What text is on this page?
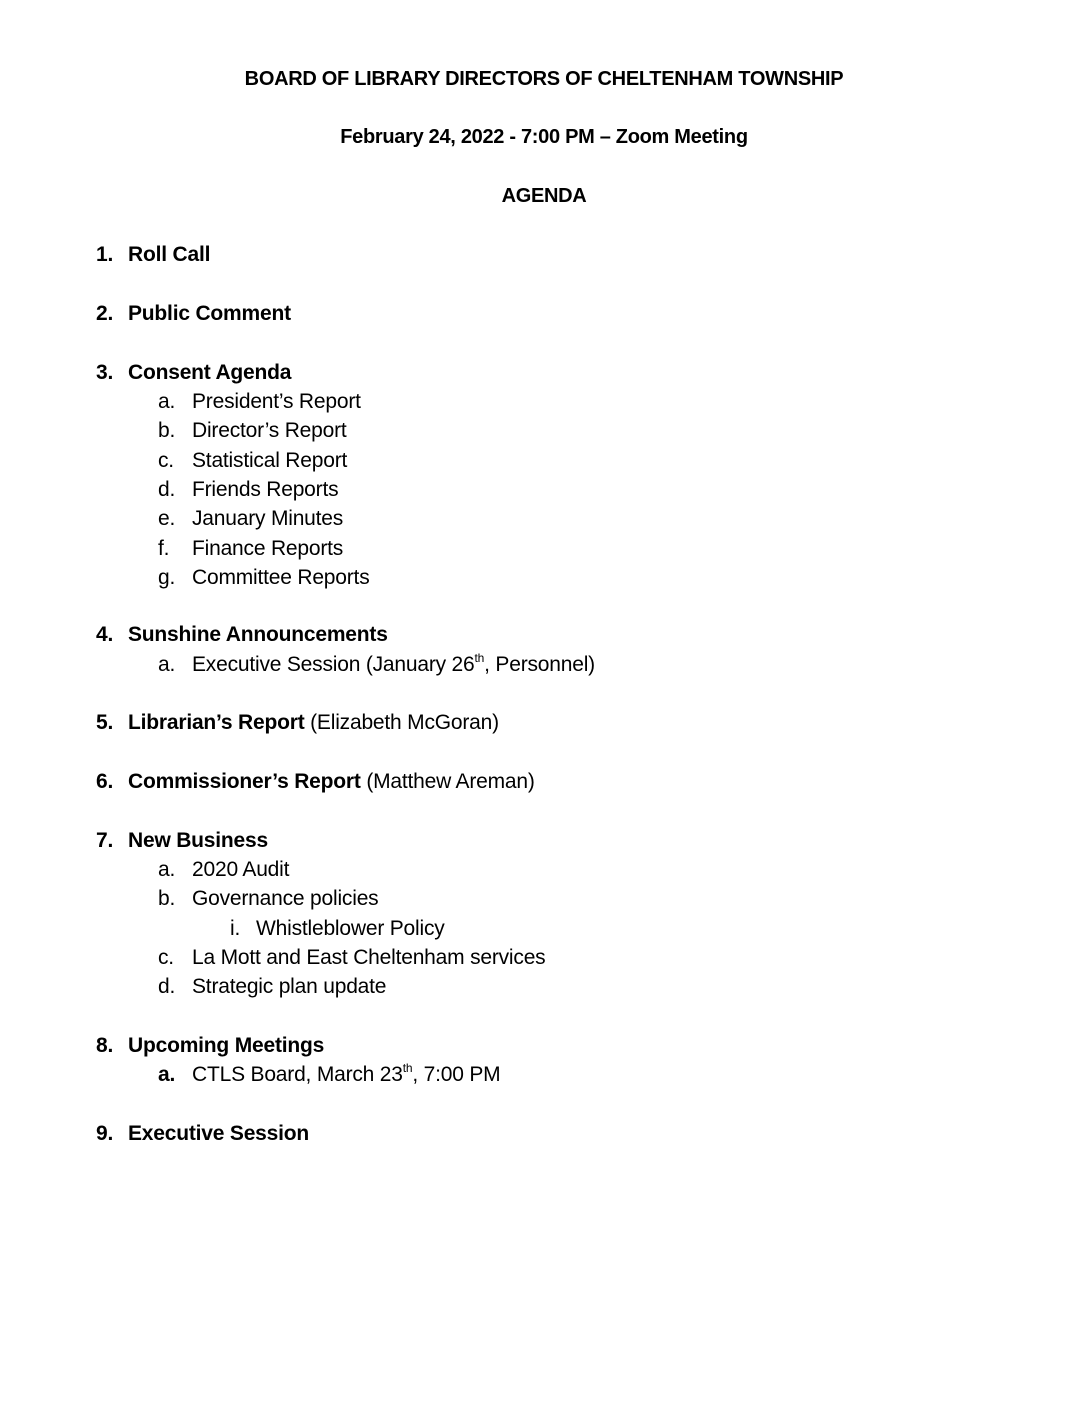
BOARD OF LIBRARY DIRECTORS OF CHELTENHAM TOWNSHIP
February 24, 2022 - 7:00 PM – Zoom Meeting
AGENDA
1. Roll Call
2. Public Comment
3. Consent Agenda
a. President’s Report
b. Director’s Report
c. Statistical Report
d. Friends Reports
e. January Minutes
f. Finance Reports
g. Committee Reports
4. Sunshine Announcements
a. Executive Session (January 26th, Personnel)
5. Librarian’s Report (Elizabeth McGoran)
6. Commissioner’s Report (Matthew Areman)
7. New Business
a. 2020 Audit
b. Governance policies
i. Whistleblower Policy
c. La Mott and East Cheltenham services
d. Strategic plan update
8. Upcoming Meetings
a. CTLS Board, March 23th, 7:00 PM
9. Executive Session
